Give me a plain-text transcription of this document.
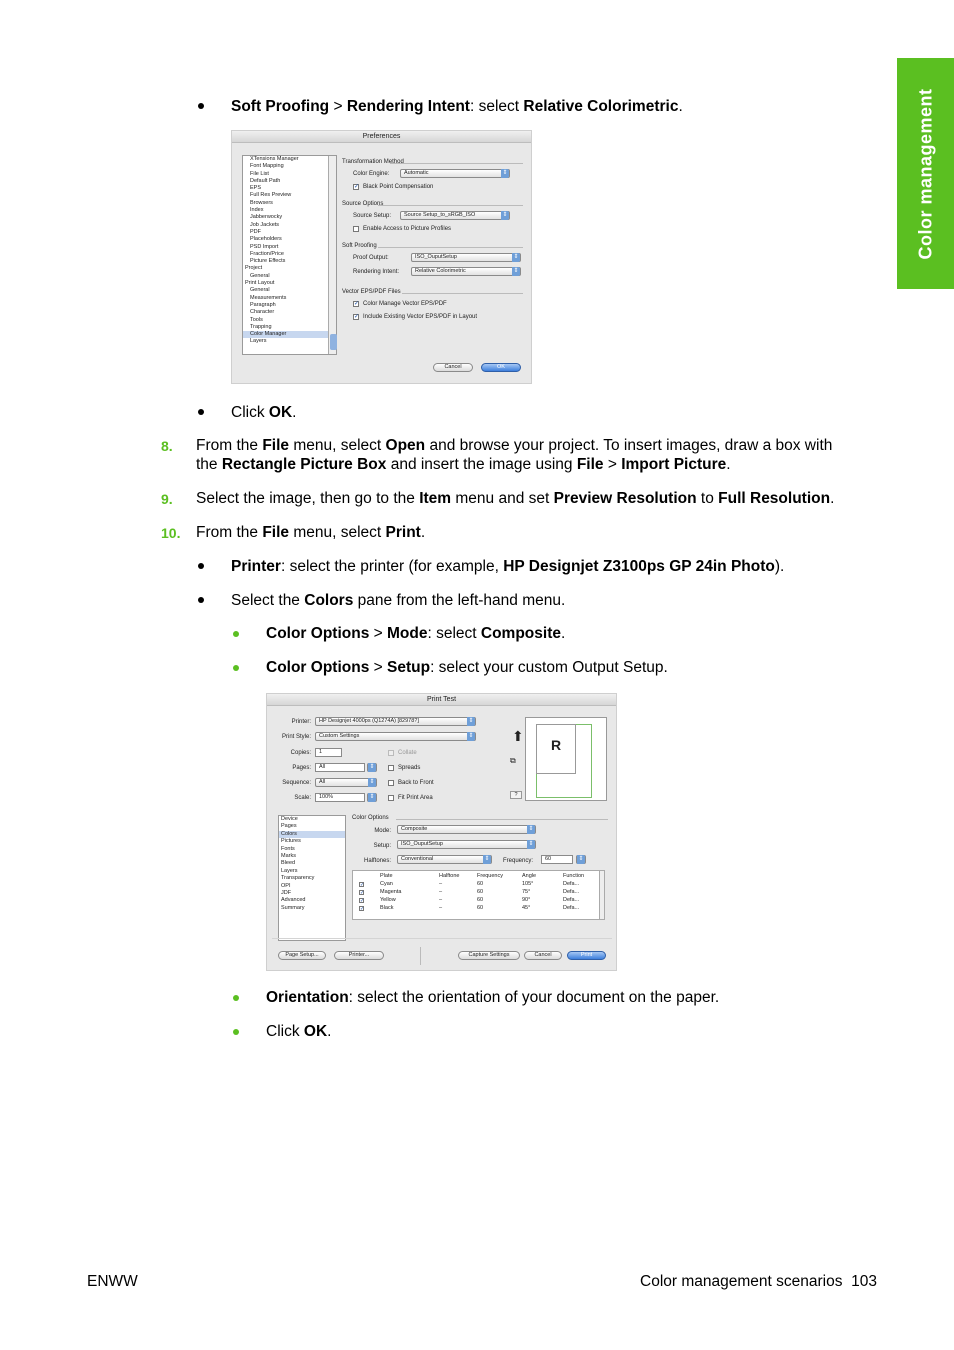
Color management
Soft Proofing > Rendering Intent: select Relative Colorimetric.
Preferences
XTensions Manager
Font Mapping
File List
Default Path
EPS
Full Res Preview
Browsers
Index
Jabberwocky
Job Jackets
PDF
Placeholders
PSD Import
Fraction/Price
Picture Effects
Project
General
Print Layout
General
Measurements
Paragraph
Character
Tools
Trapping
Color Manager
Layers
Transformation Method
Color Engine:	Automatic ⇕
✓ Black Point Compensation
Source Options
Source Setup:	Source Setup_to_sRGB_ISO ⇕
Enable Access to Picture Profiles
Soft Proofing
Proof Output:	ISO_OuputSetup ⇕
Rendering Intent:	Relative Colorimetric ⇕
Vector EPS/PDF Files
✓ Color Manage Vector EPS/PDF
✓ Include Existing Vector EPS/PDF in Layout
Cancel	OK
Click OK.
8. From the File menu, select Open and browse your project. To insert images, draw a box with
the Rectangle Picture Box and insert the image using File > Import Picture.
9. Select the image, then go to the Item menu and set Preview Resolution to Full Resolution.
10. From the File menu, select Print.
Printer: select the printer (for example, HP Designjet Z3100ps GP 24in Photo).
Select the Colors pane from the left-hand menu.
Color Options > Mode: select Composite.
Color Options > Setup: select your custom Output Setup.
Print Test
Printer:	HP Designjet 4000ps (Q1274A) [82978?] ⇕
Print Style:	Custom Settings ⇕
Copies:	1
Pages:	All
⇕
Sequence:	All ⇕
Scale:	100%
⇕
Collate
Spreads
Back to Front
Fit Print Area
⬆
⧉
?
R
Device
Pages
Colors
Pictures
Fonts
Marks
Bleed
Layers
Transparency
OPI
JDF
Advanced
Summary
Color Options
Mode:	Composite ⇕
Setup:	ISO_OuputSetup ⇕
Halftones:	Conventional ⇕	Frequency:	60
⇕
Plate	Halftone	Frequency	Angle	Function
✓	Cyan	–	60	105°	Defa...
✓	Magenta	–	60	75°	Defa...
✓	Yellow	–	60	90°	Defa...
✓	Black	–	60	45°	Defa...
Page Setup...	Printer...	Capture Settings	Cancel	Print
Orientation: select the orientation of your document on the paper.
Click OK.
ENWW	Color management scenarios 103
